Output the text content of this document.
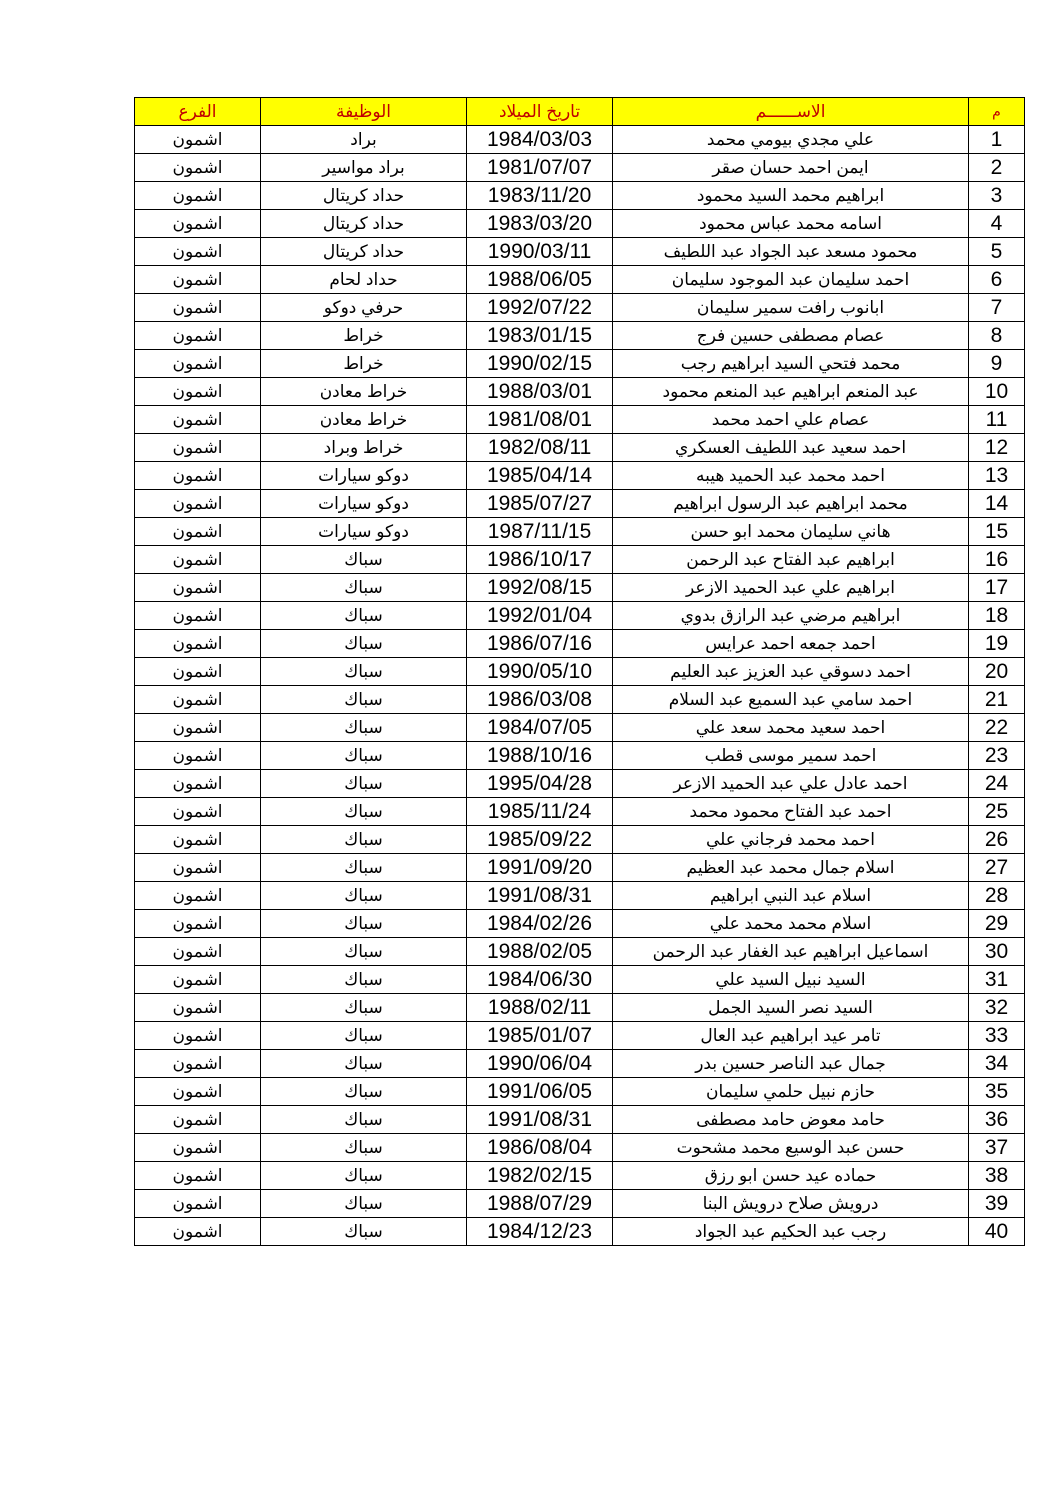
م	الاســــــم	تاريخ الميلاد	الوظيفة	الفرع
1	علي مجدي بيومي محمد	1984/03/03	براد	اشمون
2	ايمن احمد حسان صقر	1981/07/07	براد مواسير	اشمون
3	ابراهيم محمد السيد محمود	1983/11/20	حداد كريتال	اشمون
4	اسامه محمد عباس محمود	1983/03/20	حداد كريتال	اشمون
5	محمود مسعد عبد الجواد عبد اللطيف	1990/03/11	حداد كريتال	اشمون
6	احمد سليمان عبد الموجود سليمان	1988/06/05	حداد لحام	اشمون
7	ابانوب رافت سمير سليمان	1992/07/22	حرفي دوكو	اشمون
8	عصام مصطفى حسين فرج	1983/01/15	خراط	اشمون
9	محمد فتحي السيد ابراهيم رجب	1990/02/15	خراط	اشمون
10	عبد المنعم ابراهيم عبد المنعم محمود	1988/03/01	خراط معادن	اشمون
11	عصام علي احمد محمد	1981/08/01	خراط معادن	اشمون
12	احمد سعيد عبد اللطيف العسكري	1982/08/11	خراط وبراد	اشمون
13	احمد محمد عبد الحميد هيبه	1985/04/14	دوكو سيارات	اشمون
14	محمد ابراهيم عبد الرسول ابراهيم	1985/07/27	دوكو سيارات	اشمون
15	هاني سليمان محمد ابو حسن	1987/11/15	دوكو سيارات	اشمون
16	ابراهيم عبد الفتاح عبد الرحمن	1986/10/17	سباك	اشمون
17	ابراهيم علي عبد الحميد الازعر	1992/08/15	سباك	اشمون
18	ابراهيم مرضي عبد الرازق بدوي	1992/01/04	سباك	اشمون
19	احمد جمعه احمد عرايس	1986/07/16	سباك	اشمون
20	احمد دسوقي عبد العزيز عبد العليم	1990/05/10	سباك	اشمون
21	احمد سامي عبد السميع عبد السلام	1986/03/08	سباك	اشمون
22	احمد سعيد محمد سعد علي	1984/07/05	سباك	اشمون
23	احمد سمير موسى قطب	1988/10/16	سباك	اشمون
24	احمد عادل علي عبد الحميد الازعر	1995/04/28	سباك	اشمون
25	احمد عبد الفتاح محمود محمد	1985/11/24	سباك	اشمون
26	احمد محمد فرجاني علي	1985/09/22	سباك	اشمون
27	اسلام جمال محمد عبد العظيم	1991/09/20	سباك	اشمون
28	اسلام عبد النبي ابراهيم	1991/08/31	سباك	اشمون
29	اسلام محمد محمد علي	1984/02/26	سباك	اشمون
30	اسماعيل ابراهيم عبد الغفار عبد الرحمن	1988/02/05	سباك	اشمون
31	السيد نبيل السيد علي	1984/06/30	سباك	اشمون
32	السيد نصر السيد الجمل	1988/02/11	سباك	اشمون
33	تامر عيد ابراهيم عبد العال	1985/01/07	سباك	اشمون
34	جمال عبد الناصر حسين بدر	1990/06/04	سباك	اشمون
35	حازم نبيل حلمي سليمان	1991/06/05	سباك	اشمون
36	حامد معوض حامد مصطفى	1991/08/31	سباك	اشمون
37	حسن عبد الوسيع محمد مشحوت	1986/08/04	سباك	اشمون
38	حماده عيد حسن ابو رزق	1982/02/15	سباك	اشمون
39	درويش صلاح درويش البنا	1988/07/29	سباك	اشمون
40	رجب عبد الحكيم عبد الجواد	1984/12/23	سباك	اشمون
